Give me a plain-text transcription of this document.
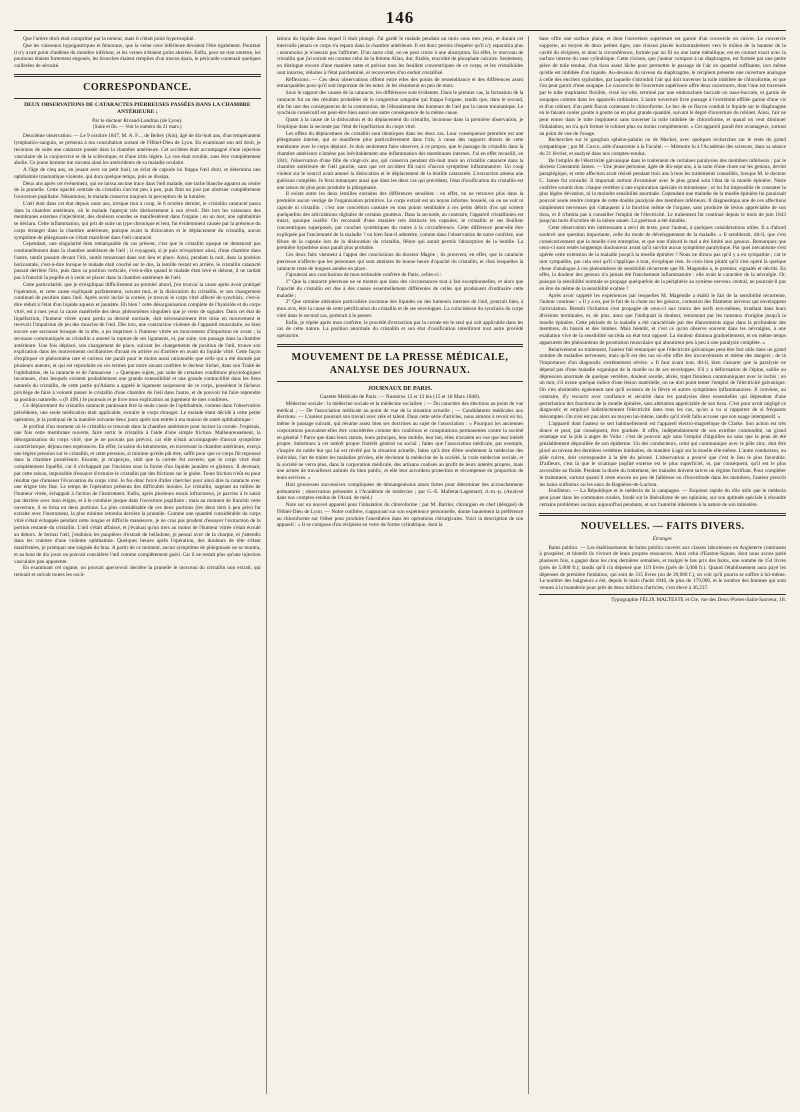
146

Que l'urètre droit était comprimé par la tumeur, mais il n'était point hypertrophié.

Que les vaisseaux hypogastriques et fémoraux, que la veine cave inférieure devaient l'être également. Pourtant il n'y avait point d'œdème du membre inférieur, et les veines n'étaient point altérées. Enfin, pour ne rien omettre, les poumons étaient fortement engoués, les bronches étaient remplies d'un mucus épais, le péricarde contenait quelques cuillerées de sérosité.

CORRESPONDANCE.
DEUX OBSERVATIONS DE CATARACTES PIERREUSES PASSÉES DANS LA CHAMBRE ANTÉRIEURE ;
Par le docteur Rivaud-Landrau (de Lyon).
(Suite et fin. — Voir le numéro du 21 mars.)

Deuxième observation. — Le 9 octobre 1847, M. A. F..., de Belley (Ain), âgé de dix-huit ans, d'un tempérament lymphatico-sanguin, se présenta à ma consultation sortant de l'Hôtel-Dieu de Lyon. En examinant son œil droit, je reconnus de suite une cataracte passée dans la chambre antérieure. Cet accident était accompagné d'une injection vasculaire de la conjonctive et de la sclérotique, et d'une iritis légère. La vue était trouble, sans être complétement abolie. Ce jeune homme me raconta ainsi les antécédents de sa maladie oculaire.

A l'âge de cinq ans, en jouant avec un petit fusil, un éclat de capsule lui frappa l'œil droit, et détermina une ophthalmie traumatique violente, qui dura quelque temps, puis se dissipa.

Deux ans après cet événement, qui ne laissa aucune trace dans l'œil malade, une tache blanche apparut au centre de la prunelle. Cette opacité centrale du cristallin s'accrut peu à peu, puis finit un jour par obstruer complétement l'ouverture pupillaire. Néanmoins, le malade conserva toujours la perception de la lumière.

L'œil était dans cet état depuis onze ans, lorsque tout à coup, le 6 octobre dernier, le cristallin cataracté passa dans la chambre antérieure, où le malade l'aperçut très distinctement à son réveil. Dès lors les vaisseaux des membranes externes s'injectèrent, des douleurs sourdes se manifestèrent dans l'organe ; en un mot, une ophthalmie se déclara. Cette inflammation, qui prit de suite un type chronique et lent, fut évidemment causée par la présence du corps étranger dans la chambre antérieure, puisque avant la dislocation et le déplacement du cristallin, aucun symptôme de phlegmasie ne s'était manifesté dans l'œil cataracté.

Cependant, une singularité bien remarquable du cas présent, c'est que le cristallin opaque ne demeurait pas continuellement dans la chambre antérieure de l'œil ; il voyageait, si je puis m'exprimer ainsi, d'une chambre dans l'autre, tantôt passant devant l'iris, tantôt retournant dans son lieu et place. Ainsi, pendant la nuit, dans la position horizontale, c'est-à-dire lorsque le malade était couché sur le dos, la lentille restait en arrière, le cristallin cataracté passait derrière l'iris, puis dans sa position verticale, c'est-à-dire quand le malade était levé et debout, il ne tardait pas à franchir la pupille et à venir se placer dans la chambre antérieure de l'œil.

Cette particularité, que je m'expliquai difficilement au premier abord, j'en trouvai la cause après avoir pratiqué l'opération, et cette cause expliquait parfaitement, suivant moi, et la dislocation du cristallin, et son changement continuel de position dans l'œil. Après avoir incisé la cornée, je trouvai le corps vitré affecté de synchisis, c'est-à-dire réduit à l'état d'un liquide aqueux et jaunâtre. Eh bien ! cette désorganisation complète de l'hyaloïde et du corps vitré, est à mes yeux la cause matérielle des deux phénomènes singuliers que je viens de signaler. Dans cet état de liquéfaction, l'humeur vitrée ayant perdu sa densité normale, doit nécessairement être mise en mouvement et recevoir l'impulsion de jeu des muscles de l'œil. Dès lors, une contraction violente de l'appareil musculaire, en bien encore une secousse brusque de la tête, a pu imprimer à l'humeur vitrée un mouvement d'impulsion en avant ; la secousse communiquée au cristallin a amené la rupture de ses ligaments, et, par suite, son passage dans la chambre antérieure. Une fois déplacé, son changement de place, suivant les changements de position de l'œil, trouve son explication dans les mouvements oscillatoires d'avant en arrière ou d'arrière en avant du liquide vitré. Cette façon d'expliquer ce phénomène rare et curieux me paraît pour le moins aussi rationnelle que celle qui a été donnée par plusieurs auteurs, et qui est reproduite en ces termes par notre savant confrère le docteur Sichel, dans son Traité de l'ophthalmie, de la cataracte et de l'amaurose : « Quelques sujets, par suite de certaines conditions physiologiques inconnues, chez lesquels existent probablement une grande extensibilité et une grande contractilité dans les liens naturels du cristallin, de cette partie qu'Adams a appelé le ligament suspenseur de ce corps, possèdent le fâcheux privilège de faire à volonté passer le cristallin d'une chambre de l'œil dans l'autre, et de pouvoir lui faire reprendre sa position naturelle. » (P. 498.) Je poursuis et je livre mon explication au jugement de mes confrères.

Ce déplacement du cristallin cataracté paraissant être la seule cause de l'ophthalmie, comme dans l'observation précédente, une seule médication était applicable, extraire le corps étranger. Le malade étant décidé à cette petite opération, je la pratiquai de la manière suivante deux jours après son entrée à ma maison de santé ophthalmique :

Je profitai d'un moment où le cristallin se trouvait dans la chambre antérieure pour inciser la cornée. J'espérais, une fois cette membrane ouverte, faire sortir le cristallin à l'aide d'une simple friction. Malheureusement, la désorganisation du corps vitré, que je ne pouvais pas prévoir, car elle n'était accompagnée d'aucun symptôme caractéristique, déjoua mes espérances. En effet, la saisie du kératotome, en traversant la chambre antérieure, exerça une légère pression sur le cristallin, et cette pression, si minime qu'elle pût être, suffit pour que ce corps fût repoussé dans la chambre postérieure. Ensuite, je m'aperçus, sitôt que la cornée fut ouverte, que le corps vitré était complétement liquéfié, car il s'échappait par l'incision sous la forme d'un liquide jaunâtre et glaireux. Il devenait, par cette raison, impossible d'essayer d'extraire le cristallin par des frictions sur le globe. Toute friction n'eût eu pour résultat que d'amener l'évacuation du corps vitré. Je fus donc forcé d'aller chercher pour ainsi dire la cataracte avec une érigne très fine. Le temps de l'opération présenta des difficultés inouïes. Le cristallin, nageant au milieu de l'humeur vitrée, échappait à l'action de l'instrument. Enfin, après plusieurs essais infructueux, je parvins à le saisir par derrière avec mon érigne, et à le conduire jusque dans l'ouverture pupillaire ; mais au moment de franchir cette ouverture, il se brisa en deux portions. La plus considérable de ces deux portions (les deux tiers à peu près) fut extraite avec l'instrument, la plus minime retomba derrière la prunelle. Comme une quantité considérable du corps vitré s'était échappée pendant cette longue et difficile manœuvre, je ne crus pas prudent d'essayer l'extraction de la portion restante du cristallin. L'œil s'était affaissé, et j'évaluai qu'un tiers au moins de l'humeur vitrée s'était écoulé au dehors. Je fermai l'œil, j'enduisis les paupières d'extrait de belladone, je pensai avec de la charpie, et j'attendis dans les craintes d'une violente ophthalmie. Quelques heures après l'opération, des douleurs de tête s'étant manifestées, je pratiquai une saignée du bras. A partir de ce moment, aucun symptôme de phlegmasie ne se montra, et au bout de dix jours on pouvait considérer l'œil comme complètement guéri. Car il ne restait plus qu'une injection vasculaire peu apparente.

En examinant cet organe, on pouvait apercevoir derrière la prunelle le morceau du cristallin non extrait, qui remuait et suivait toutes les oscil-

lations du liquide dans lequel il était plongé. J'ai gardé le malade pendant un mois sous mes yeux, et durant cet intervalle jamais ce corps n'a reparu dans la chambre antérieure. Il est donc permis d'espérer qu'il n'y reparaîtra plus ; néanmoins je n'oserais pas l'affirmer. D'un autre côté, on ne peut croire à une absorption. En effet, le morceau de cristallin que j'ai extrait est comme celui de la femme Allan, dur, friable, encroûté de phosphate calcaire. Seulement, on distingue encore d'une manière nette et précise tous les feuillets concentriques de ce corps, et les cristalloïdes sont intactes, réduites à l'état parcheminé, et recouvertes d'un enduit cristallisé.

Réflexions. — Ces deux observations offrent entre elles des points de ressemblance et des différences assez remarquables pour qu'il soit important de les noter. Je les résumerai en peu de mots.

Sous le rapport des causes de la cataracte, les différences sont évidentes. Dans le premier cas, la formation de la cataracte fut un des résultats probables de la congestion sanguine qui frappa l'organe, tandis que, dans le second, elle fut une des conséquences de la commotion, de l'ébranlement des humeurs de l'œil par la cause traumatique. Le synchisis consécutif est peut-être bien aussi une autre conséquence de la même cause.

Quant à la cause de la dislocation et du déplacement du cristallin, inconnue dans la première observation, je l'explique dans la seconde par l'état de liquéfaction du corps vitré.

Les effets du déplacement du cristallin sont identiques dans les deux cas. Leur conséquence première est une phlegmasie interne, qui se manifeste plus particulièrement dans l'iris, à cause des rapports directs de cette membrane avec le corps déplacé. Je dois seulement faire observer, à ce propos, que le passage du cristallin dans la chambre antérieure n'amène pas inévitablement une inflammation des membranes internes. J'ai en effet recueilli, en 1841, l'observation d'une fille de vingt-six ans, qui conserva pendant dix-huit mois un cristallin cataracté dans la chambre antérieure de l'œil gauche, sans que cet accident fût suivi d'aucun symptôme inflammatoire. Un coup violent sur le sourcil avait amené la dislocation et le déplacement de la lentille cataractée. L'extraction amena une guérison complète. Je ferai remarquer aussi que dans les deux cas qui précèdent, l'état d'ossification du cristallin est une raison de plus pour produire la phlegmasie.

Il existe entre les deux lentilles extraites des différences sensibles : en effet, on ne retrouve plus dans la première aucun vestige de l'organisation primitive. Le corps extrait est un noyau informe, bosselé, où on ne voit ni capsule ni cristallin ; c'est une concrétion caséaire en tous points semblable à ces petits débris d'os qui sortent quelquefois des articulations digitales de certains goutteux. Dans la seconde, au contraire, l'appareil cristallinien est intact, quoique ossifié. On reconnaît d'une manière très distincte les capsules, le cristallin et ses feuillets concentriques superposés, par couches symétriques du centre à la circonférence. Cette différence peut-elle être expliquée par l'ancienneté de la maladie ? ou bien faut-il admettre, comme dans l'observation de notre confrère, une fêlure de la capsule lors de la dislocation du cristallin, fêlure qui aurait permis l'absorption de la lentille. La première hypothèse nous paraît plus probable.

Ces deux faits viennent à l'appui des conclusions du docteur Magne ; ils prouvent, en effet, que la cataracte pierreuse n'affecte que les personnes qui sont atteintes de bonne heure d'opacité du cristallin, et chez lesquelles la cataracte reste de longues années en place.

J'ajouterai aux conclusions de mon estimable confrère de Paris, celles-ci :

1° Que la cataracte pierreuse ne se montre que dans des circonstances tout à fait exceptionnelles, et alors que l'opacité du cristallin est due à des causes essentiellement différentes de celles qui produisent d'ordinaire cette maladie ;

2° Que certaine altération particulière inconnue des liquides ou des humeurs internes de l'œil, pourrait bien, à mon avis, être la cause de cette pétrification du cristallin et de ses enveloppes. La coïncidence du synchisis du corps vitré dans le second cas, porterait à le penser.

Enfin, je répète après mon confrère, le procédé d'extraction par la cornée est le seul qui soit applicable dans les cas de cette nature. La position anormale du cristallin et son état d'ossification interdiront tout autre procédé opératoire.

MOUVEMENT DE LA PRESSE MÉDICALE, ANALYSE DES JOURNAUX.
JOURNAUX DE PARIS.
Gazette Médicale de Paris. — Numéros 12 et 13 bis (15 et 18 Mars 1848).

Médecine sociale : la médecine sociale et la médecine socialiste ; — Du caractère des élections au point de vue médical ; — De l'association médicale au point de vue de la situation actuelle ; — Candidatures médicales aux élections. — L'auteur poursuit son travail avec zèle et talent. Dans cette série d'articles, nous aimons à revoir en lui, même le passage suivant, qui résume assez bien ses doctrines au sujet de l'association : « Pourquoi les anciennes corporations pouvaient-elles être considérées comme des coalitions et conspirations permanentes contre la société en général ? Parce que dans leurs statuts, leurs principes, leur mobile, leur but, elles n'avaient en vue que leur intérêt propre. Substituez à cet intérêt propre l'intérêt général ou social ; faites que l'association médicale, par exemple, s'inspire du noble but qui lui est révélé par la situation actuelle, faites qu'à titre d'être seulement la médecine des individus, l'art de traiter les maladies privées, elle devienne la médecine de la société, la vraie médecine sociale, et la société ne verra plus, dans la corporation médicale, des artisans coalisés au profit de leurs intérêts propres, mais une armée de travailleurs animés du bien public, et elle leur accordera protection et récompense en proportion de leurs services. »

Huit grossesses successives compliquées de démangeaisons assez fortes pour déterminer des accouchements prématurés ; observation présentée à l'Académie de médecine ; par G.-E. Malletat-Lagemard, d.-m.-p. (Analysé dans nos comptes-rendus de l'Acad. de méd.)

Note sur un nouvel appareil pour l'inhalation du chloroforme ; par M. Barrier, chirurgien en chef (désigné) de l'Hôtel-Dieu de Lyon. — Notre confrère, s'appuyant sur son expérience personnelle, donne hautement la préférence au chloroforme sur l'éther pour produire l'anesthésie dans les opérations chirurgicales. Voici la description de son appareil : « Il se compose d'un récipient en verre de forme cylindrique, dont la

base offre une surface plane, et dont l'ouverture supérieure est garnie d'un couvercle en cuivre. Le couvercle supporte, au moyen de deux petites tiges, une cloison placée horizontalement vers le milieu de la hauteur de la cavité du récipient, et dont la circonférence, formée par un fil ou une lame métallique, est en contact exact avec la surface interne du vase cylindrique. Cette cloison, que j'auteur compare à un diaphragme, est formée par une petite pièce de toile tendue, d'un tissu assez lâche pour permettre le passage de l'air en quantité suffisante, lors même qu'elle est imbibée d'un liquide. Au-dessous du niveau du diaphragme, le récipient présente une ouverture analogue à celle des encriers syphoïdes, par laquelle s'introduit l'air qui doit traverser la toile imbibée de chloroforme, et que l'on peut garnir d'une soupape. Le couvercle de l'ouverture supérieure offre deux ouvertures, dont l'une est traversée par le tube inspirateur flexible, vissé sur elle, terminé par une embouchure buccale ou naso-buccale, et garnie de soupapes comme dans les appareils ordinaires. L'autre ouverture livre passage à l'extrémité effilée garnie d'une vis et d'un robinet, d'un petit flacon contenant le chloroforme. Le bec de ce flacon conduit le liquide sur le diaphragme en le faisant couler goutte à goutte ou en plus grande quantité, suivant le degré d'ouverture du robinet. Ainsi, l'air ne peut entrer dans le tube inspirateur sans traverser la toile imbibée de chloroforme, et quand on veut diminuer l'inhalation, on n'a qu'à fermer le robinet plus ou moins complètement. » Cet appareil paraît être avantageux, surtout au point de vue de l'usage.

Recherches sur le ganglion sphéno-palatin ou de Meckel, avec quelques recherches sur le reste du grand sympathique ; par M. Cusco, aide d'anatomie à la Faculté. — Mémoire lu à l'Académie des sciences, dans sa séance du 21 février, et analysé dans nos comptes-rendus.

De l'emploi de l'électricité galvanique dans le traitement de certaines paralysies des membres inférieurs ; par le docteur Constantin James. — Une jeune personne, âgée de dix-sept ans, à la suite d'une chute sur les genoux, devint paraplégique, et cette affection avait résisté pendant trois ans à tous les traitements conseillés, lorsque M. le docteur C. James fut consulté. Il importait surtout d'examiner avec le plus grand soin l'état de la moelle épinière. Notre confrère soumit donc chaque vertèbre à une exploration spéciale et minutieuse ; et lui fut impossible de constater la plus légère déviation, ni la moindre sensibilité anormale. Cependant une maladie de la moelle épinière lui paraissait pouvoir seule rendre compte de cette double paralysie des membres inférieurs. Il diagnostiqua une de ces affections simplement nerveuses qui s'attaquent à la fonction même de l'organe, sans produire de lésion appréciable de son tissu, et il n'hésita pas à conseiller l'emploi de l'électricité. Le traitement fut continué depuis le mois de juin 1843 jusqu'au mois d'octobre de la même année. La guérison a été durable.

Cette observation très intéressante a servi de texte, pour l'auteur, à quelques considérations utiles. Il a d'abord soulevé une question importante, celle du mode de développement de la maladie. « Il semblerait, dit-il, que c'est consécutivement que la moelle s'est entreprise, et que tout d'abord le mal a été limité aux genoux. Remarquez que ceux-ci sont restés longtemps douloureux avant qu'il survînt aucun symptôme paralytique. Par quel mécanisme s'est opérée cette extension de la maladie jusqu'à la moelle épinière ? Nous ne dirons pas qu'il y a eu sympathie ; car le mot sympathie, par cela seul qu'il s'applique à tout, n'explique rien. Je crois bien plutôt qu'il s'est opéré là quelque chose d'analogue à ces phénomènes de sensibilité récurrente que M. Magendie a, le premier, signalés et décrits. En effet, la douleur des genoux n'a jamais été franchement inflammatoire : elle avait le caractère de la névralgie. Or, puisque la sensibilité normale se propage quelquefois de la périphérie au système nerveux central, ne pourrait-il pas en être de même de la sensibilité exaltée ?

Après avoir rappelé les expériences par lesquelles M. Magendie a établi le fait de la sensibilité récurrente, l'auteur continue : « Il y a eu, par le fait de la chute sur les genoux, contusion des filaments nerveux qui enveloppent l'articulation. Bientôt l'irritation s'est propagée de ceux-ci aux troncs des nerfs eux-mêmes, irradiant dans leurs divisions terminales, et, de plus, ainsi que l'indiquait la douleur, remontant par les rameaux d'origine jusqu'à la moelle épinière. Cette période de la maladie a été caractérisée par des élancements aigus dans la profondeur des membres, du bassin et des lombes. Mais bientôt, et c'est ce qu'on observe souvent dans les névralgies, à une exaltation vive de la sensibilité succéda un état tout opposé. La douleur diminua graduellement, et en même temps apparurent des phénomènes de prostration musculaire qui aboutirent peu à peu à une paralysie complète. »

Relativement au traitement, l'auteur fait remarquer que l'électricité galvanique peut être fort utile dans un grand nombre de maladies nerveuses, mais qu'il est des cas où elle offre des inconvénients et même des dangers ; de là l'importance d'un diagnostic extrêmement sévère. « Il faut avant tout, dit-il, bien s'assurer que la paralysie ne dépend pas d'une maladie organique de la moelle ou de ses enveloppes. S'il y a déformation de l'épine, saillie ou dépression anormale de quelque vertèbre, douleur sourde, abcès, trajet fistuleux communiquant avec le rachis ; en un mot, s'il existe quelque indice d'une lésion matérielle, on ne doit point tenter l'emploi de l'électricité galvanique. On s'en abstiendra également tant qu'il existera de la fièvre et autres symptômes inflammatoires. Il convient, au contraire, d'y recourir avec confiance et sécurité dans les paralysies dites essentielles qui dépendent d'une perturbation des fonctions de la moelle épinière, sans altération appréciable de son tissu. C'est pour avoir négligé ce diagnostic et employé indistinctement l'électricité dans tous les cas, qu'on a vu si rapporter de si fréquents mécomptes. On n'en est pas alors au moyen lui-même, tandis qu'il n'eût fallu accuser que son usage intempestif. »

L'appareil dont l'auteur se sert habituellement est l'appareil électro-magnétique de Clarke. Son action est très douce et peut, par conséquent, être graduée. Il offre, indépendamment de son extrême commodité, un grand avantage sur la pile à auges de Volta : c'est de pouvoir agir sans l'emploi d'aiguilles ou sans que la peau ait été préalablement dépouillée de son épiderme. Un des conducteurs, celui qui communique avec le pôle zinc, doit être placé au niveau des dernières vertèbres lombaires, de manière à agir sur la moelle elle-même. L'autre conducteur, ou pôle cuivre, doit correspondre à la tête du péroné. L'observation a prouvé que c'est le lieu le plus favorable. D'ailleurs, c'est là que le sciatique poplité externe est le plus superficiel, et, par conséquent, qu'il est le plus accessible au fluide. Pendant la durée du traitement, les malades doivent suivre un régime fortifiant. Pour compléter le traitement, surtout quand il reste encore un peu de faiblesse ou d'incertitude dans les membres, l'auteur prescrit les bains sulfureux ou les eaux de Bagnères-de-Luchon.

Feuilleton. — La République et le médecin de la campagne. — Esquisse rapide du rôle utile que le médecin peut jouer dans les communes rurales, fondé sur le libéralisme de ses opinions, sur son aptitude spéciale à résoudre certains problèmes sociaux aujourd'hui pendants, et sur l'autorité inhérente à la nature de son ministère.

NOUVELLES. — FAITS DIVERS.
Étranger.

Bains publics. — Les établissements de bains publics ouverts aux classes laborieuses en Angleterre continuent à prospérer, et bientôt ils vivront de leurs propres ressources. Ainsi celui d'Easton-Square, dont nous avons parlé plusieurs fois, a gagné dans les cinq dernières semaines, et malgré le bas prix des bains, une somme de 154 livres (près de 5,000 fr.), tandis qu'il n'a dépensé que 119 livres (près de 3,000 fr.). Quand l'établissement aura payé les dépenses de première fondation, qui sont de 315 livres (ou de 20,000 f.), on voit qu'il pourra se suffire à lui-même. Le nombre des baigneurs a été, depuis le mois d'août 1846, de plus de 179,000, et le nombre des femmes qui sont venues à la buanderie pour près de deux millions d'articles, c'est élevé à 36,237.

Typographie FÉLIX MALTESTE et Cie, rue des Deux-Portes-Saint-Sauveur, 18.
